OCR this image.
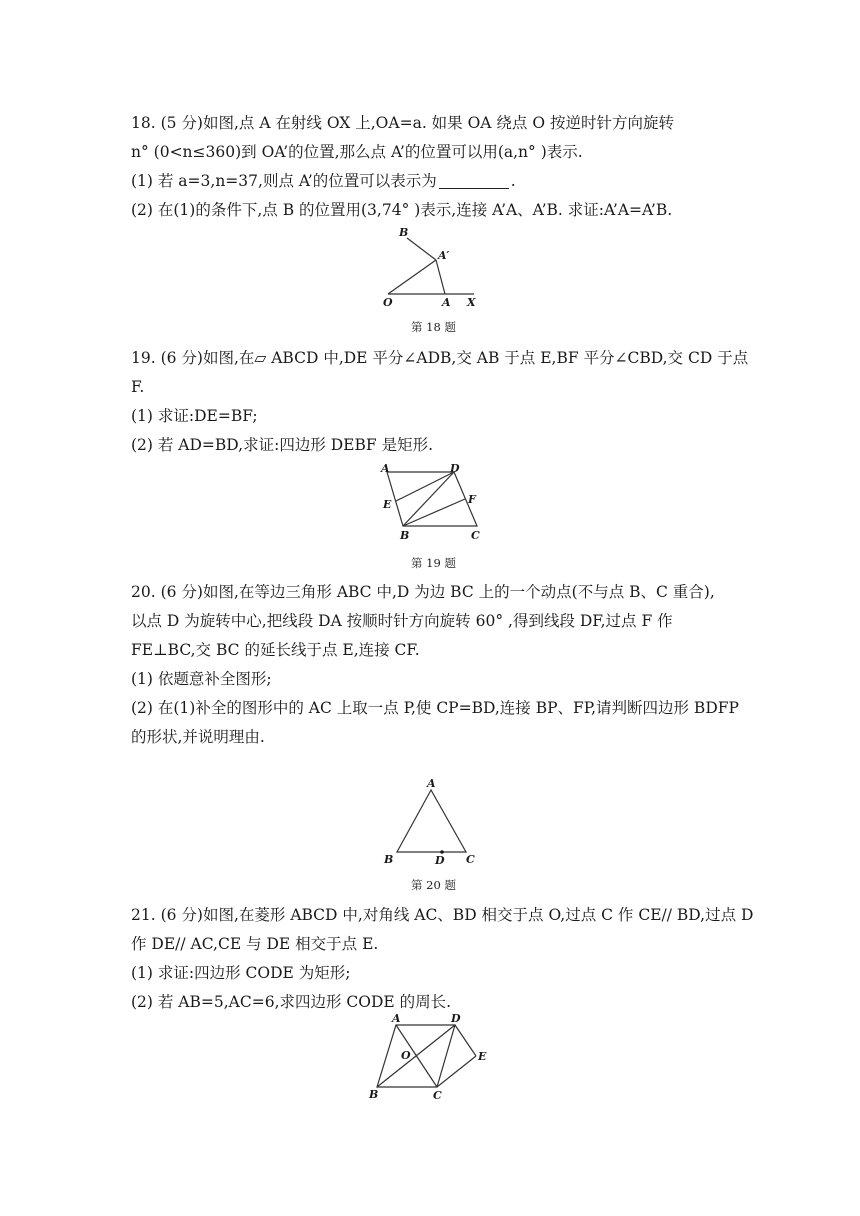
18. (5 分)如图,点 A 在射线 OX 上,OA=a. 如果 OA 绕点 O 按逆时针方向旋转
n° (0<n≤360)到 OA’的位置,那么点 A’的位置可以用(a,n° )表示.
(1) 若 a=3,n=37,则点 A’的位置可以表示为	.
(2) 在(1)的条件下,点 B 的位置用(3,74° )表示,连接 A’A、A’B. 求证:A’A=A’B.
B
A′
O	A X
第 18 题
19. (6 分)如图,在▱ ABCD 中,DE 平分∠ADB,交 AB 于点 E,BF 平分∠CBD,交 CD 于点
F.
(1) 求证:DE=BF;
(2) 若 AD=BD,求证:四边形 DEBF 是矩形.
A	D
E	F
B	C
第 19 题
20. (6 分)如图,在等边三角形 ABC 中,D 为边 BC 上的一个动点(不与点 B、C 重合),
以点 D 为旋转中心,把线段 DA 按顺时针方向旋转 60° ,得到线段 DF,过点 F 作
FE⊥BC,交 BC 的延长线于点 E,连接 CF.
(1) 依题意补全图形;
(2) 在(1)补全的图形中的 AC 上取一点 P,使 CP=BD,连接 BP、FP,请判断四边形 BDFP
的形状,并说明理由.
A
B	D C
第 20 题
21. (6 分)如图,在菱形 ABCD 中,对角线 AC、BD 相交于点 O,过点 C 作 CE// BD,过点 D
作 DE// AC,CE 与 DE 相交于点 E.
(1) 求证:四边形 CODE 为矩形;
(2) 若 AB=5,AC=6,求四边形 CODE 的周长.
A	D
O	E
B	C
